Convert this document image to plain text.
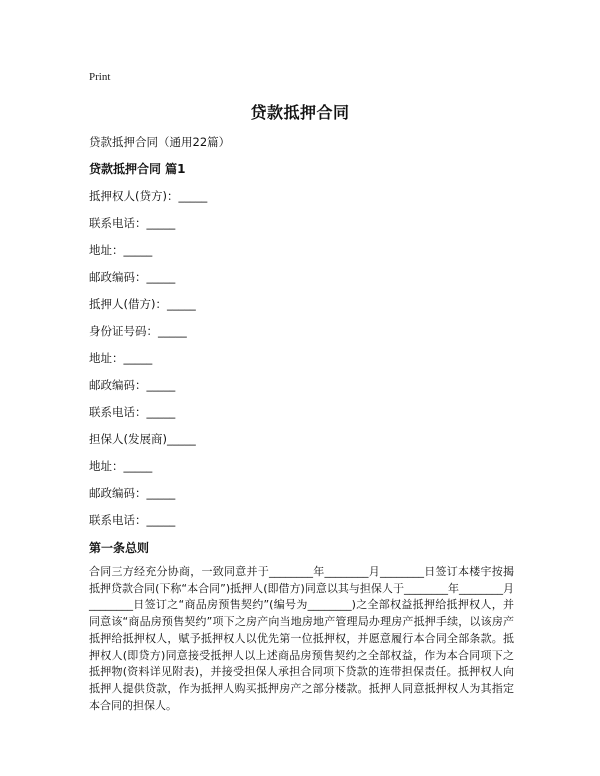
Print
贷款抵押合同
贷款抵押合同（通用22篇）
贷款抵押合同 篇1
抵押权人(贷方)：_____
联系电话：_____
地址：_____
邮政编码：_____
抵押人(借方)：_____
身份证号码：_____
地址：_____
邮政编码：_____
联系电话：_____
担保人(发展商)_____
地址：_____
邮政编码：_____
联系电话：_____
第一条总则
合同三方经充分协商，一致同意并于________年________月________日签订本楼宇按揭抵押贷款合同(下称“本合同”)抵押人(即借方)同意以其与担保人于________年________月________日签订之“商品房预售契约”(编号为________)之全部权益抵押给抵押权人，并同意该“商品房预售契约”项下之房产向当地房地产管理局办理房产抵押手续，以该房产抵押给抵押权人，赋予抵押权人以优先第一位抵押权，并愿意履行本合同全部条款。抵押权人(即贷方)同意接受抵押人以上述商品房预售契约之全部权益，作为本合同项下之抵押物(资料详见附表)，并接受担保人承担合同项下贷款的连带担保责任。抵押权人向抵押人提供贷款，作为抵押人购买抵押房产之部分楼款。抵押人同意抵押权人为其指定本合同的担保人。
